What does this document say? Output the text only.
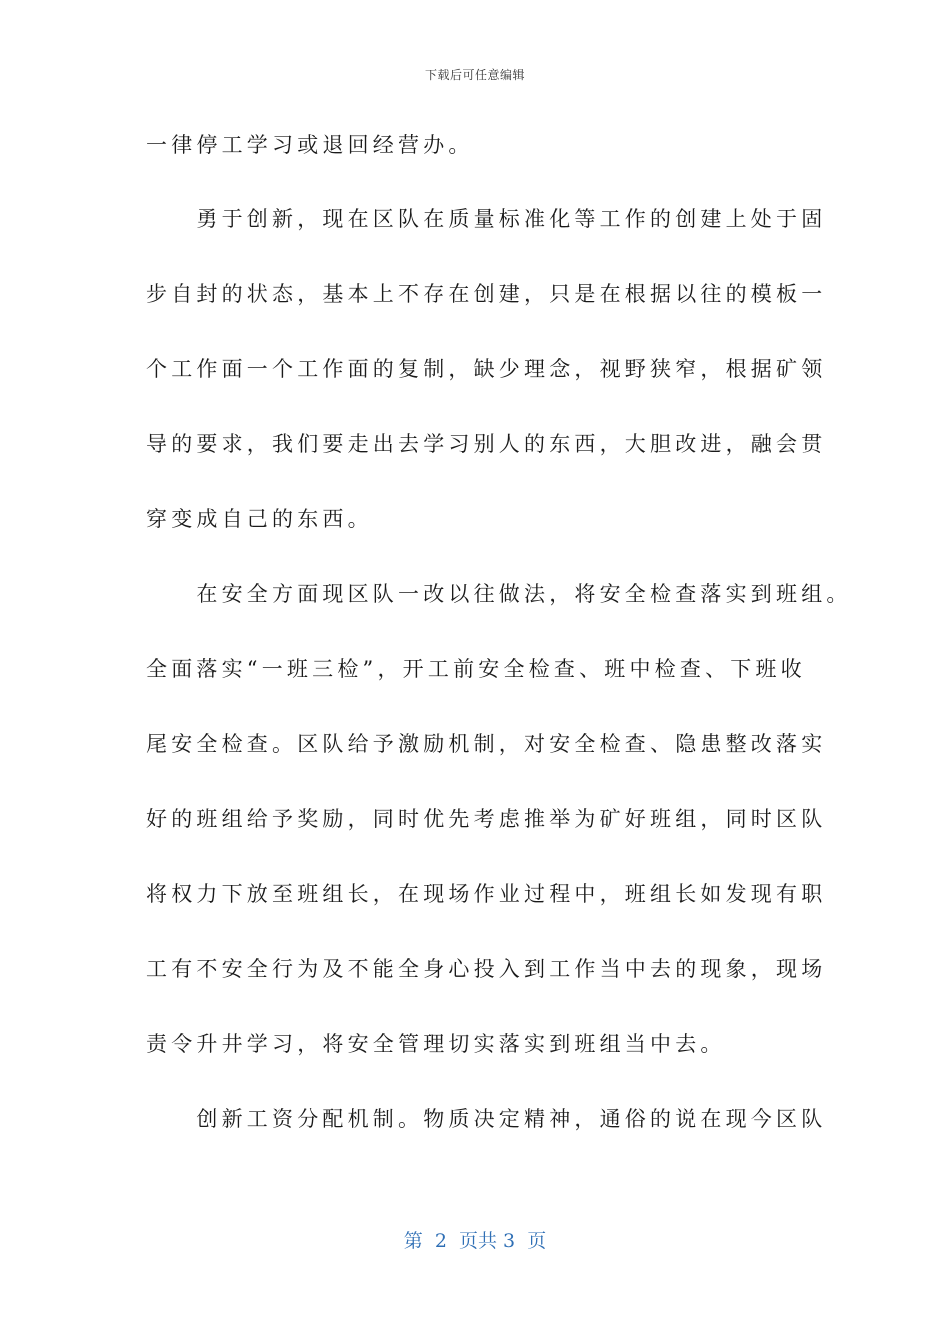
下载后可任意编辑
一律停工学习或退回经营办。
　　勇于创新，现在区队在质量标准化等工作的创建上处于固
步自封的状态，基本上不存在创建，只是在根据以往的模板一
个工作面一个工作面的复制，缺少理念，视野狭窄，根据矿领
导的要求，我们要走出去学习别人的东西，大胆改进，融会贯
穿变成自己的东西。
　　在安全方面现区队一改以往做法，将安全检查落实到班组。
全面落实“一班三检”，开工前安全检查、班中检查、下班收
尾安全检查。区队给予激励机制，对安全检查、隐患整改落实
好的班组给予奖励，同时优先考虑推举为矿好班组，同时区队
将权力下放至班组长，在现场作业过程中，班组长如发现有职
工有不安全行为及不能全身心投入到工作当中去的现象，现场
责令升井学习，将安全管理切实落实到班组当中去。
　　创新工资分配机制。物质决定精神，通俗的说在现今区队
第  2  页共 3  页
